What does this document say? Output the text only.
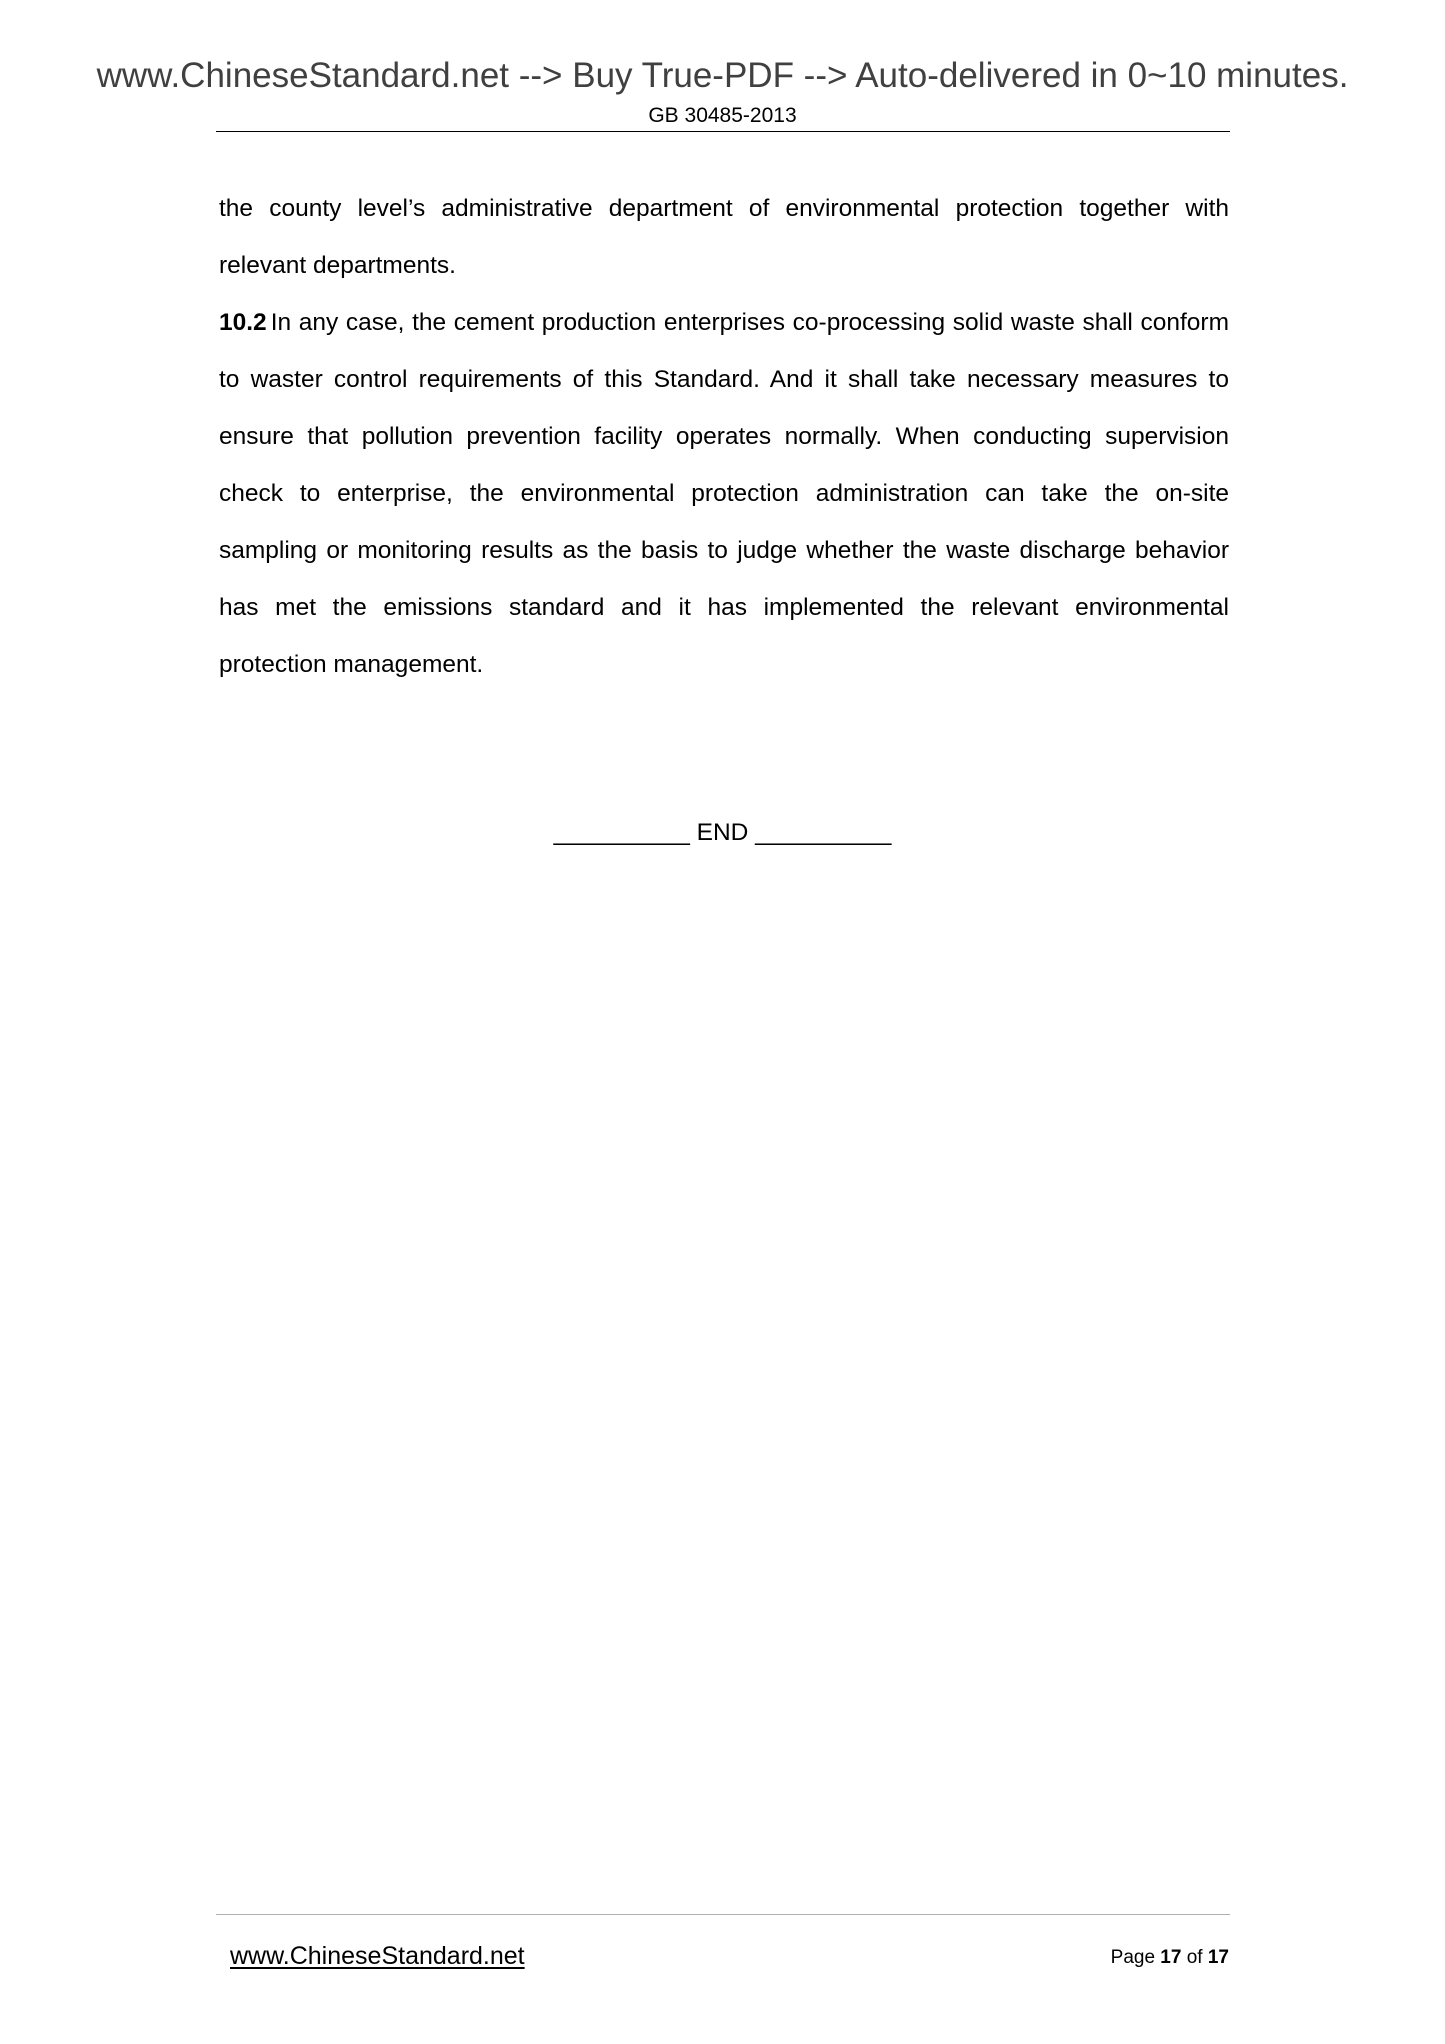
www.ChineseStandard.net --> Buy True-PDF --> Auto-delivered in 0~10 minutes.
GB 30485-2013

the county level’s administrative department of environmental protection together with relevant departments.

10.2 In any case, the cement production enterprises co-processing solid waste shall conform to waster control requirements of this Standard. And it shall take necessary measures to ensure that pollution prevention facility operates normally. When conducting supervision check to enterprise, the environmental protection administration can take the on-site sampling or monitoring results as the basis to judge whether the waste discharge behavior has met the emissions standard and it has implemented the relevant environmental protection management.

__________ END __________
www.ChineseStandard.net	Page 17 of 17
